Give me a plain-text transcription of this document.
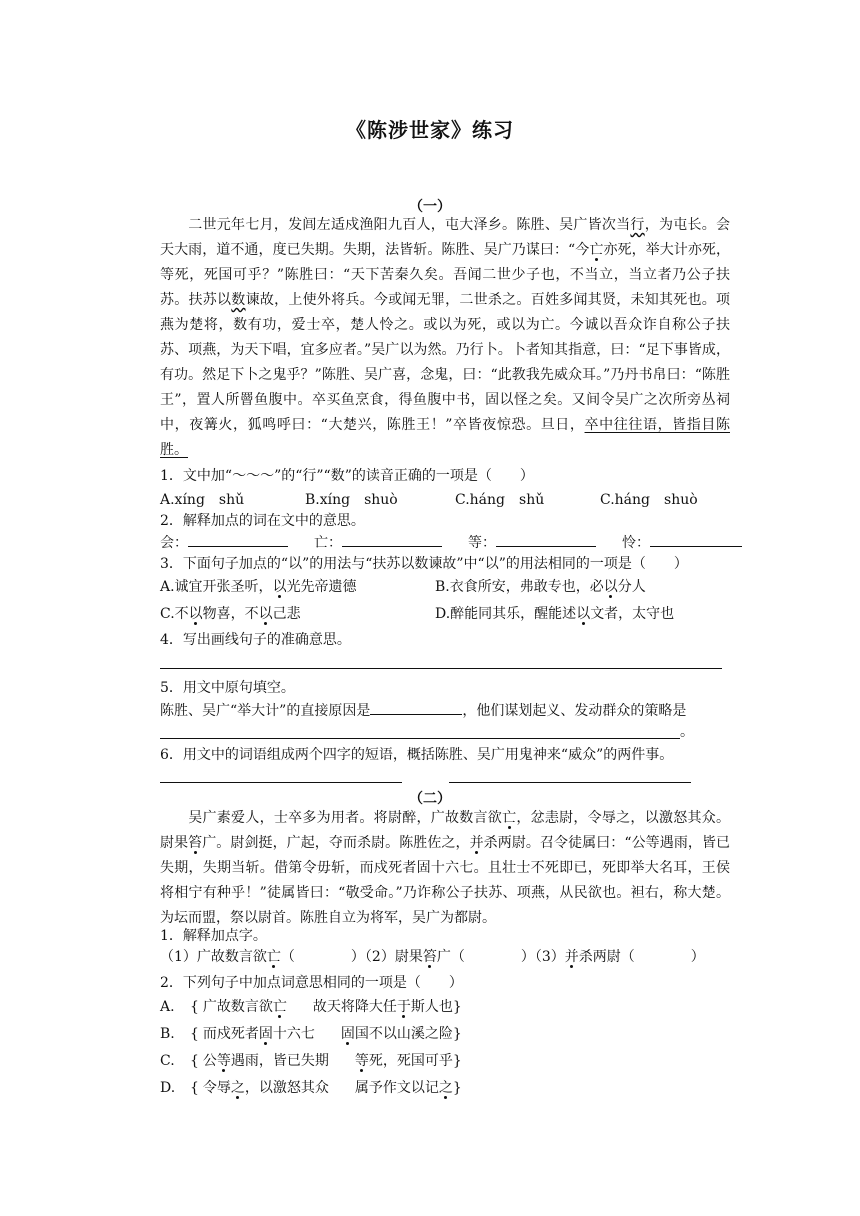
《陈涉世家》练习
（一）
二世元年七月，发闾左适戍渔阳九百人，屯大泽乡。陈胜、吴广皆次当行，为屯长。会天大雨，道不通，度已失期。失期，法皆斩。陈胜、吴广乃谋曰：“今亡亦死，举大计亦死，等死，死国可乎？”陈胜曰：“天下苦秦久矣。吾闻二世少子也，不当立，当立者乃公子扶苏。扶苏以数谏故，上使外将兵。今或闻无罪，二世杀之。百姓多闻其贤，未知其死也。项燕为楚将，数有功，爱士卒，楚人怜之。或以为死，或以为亡。今诚以吾众诈自称公子扶苏、项燕，为天下唱，宜多应者。”吴广以为然。乃行卜。卜者知其指意，曰：“足下事皆成，有功。然足下卜之鬼乎？”陈胜、吴广喜，念鬼，曰：“此教我先威众耳。”乃丹书帛曰：“陈胜王”，置人所罾鱼腹中。卒买鱼烹食，得鱼腹中书，固以怪之矣。又间令吴广之次所旁丛祠中，夜篝火，狐鸣呼曰：“大楚兴，陈胜王！”卒皆夜惊恐。旦日，卒中往往语，皆指目陈胜。
1．文中加“～～～”的“行”“数”的读音正确的一项是（　　）
A.xíng　shǔ	B.xíng　shuò	C.háng　shǔ	C.háng　shuò
2．解释加点的词在文中的意思。
会：	亡：	等：	怜：
3．下面句子加点的“以”的用法与“扶苏以数谏故”中“以”的用法相同的一项是（　　）
A.诚宜开张圣听，以光先帝遗德	B.衣食所安，弗敢专也，必以分人
C.不以物喜，不以己悲	D.醉能同其乐，醒能述以文者，太守也
4．写出画线句子的准确意思。
5．用文中原句填空。
陈胜、吴广“举大计”的直接原因是	，他们谋划起义、发动群众的策略是
。
6．用文中的词语组成两个四字的短语，概括陈胜、吴广用鬼神来“威众”的两件事。
（二）
吴广素爱人，士卒多为用者。将尉醉，广故数言欲亡，忿恚尉，令辱之，以激怒其众。尉果笞广。尉剑挺，广起，夺而杀尉。陈胜佐之，并杀两尉。召令徒属曰：“公等遇雨，皆已失期，失期当斩。借第令毋斩，而戍死者固十六七。且壮士不死即已，死即举大名耳，王侯将相宁有种乎！”徒属皆曰：“敬受命。”乃诈称公子扶苏、项燕，从民欲也。袒右，称大楚。为坛而盟，祭以尉首。陈胜自立为将军，吴广为都尉。
1．解释加点字。
（1）广故数言欲亡（　　　　）（2）尉果笞广（　　　　）（3）并杀两尉（　　　　）
2．下列句子中加点词意思相同的一项是（　　）
A. { 广故数言欲亡 故天将降大任于斯人也}
B. { 而戍死者固十六七 固国不以山溪之险}
C. { 公等遇雨，皆已失期 等死，死国可乎}
D. { 令辱之，以激怒其众 属予作文以记之}
